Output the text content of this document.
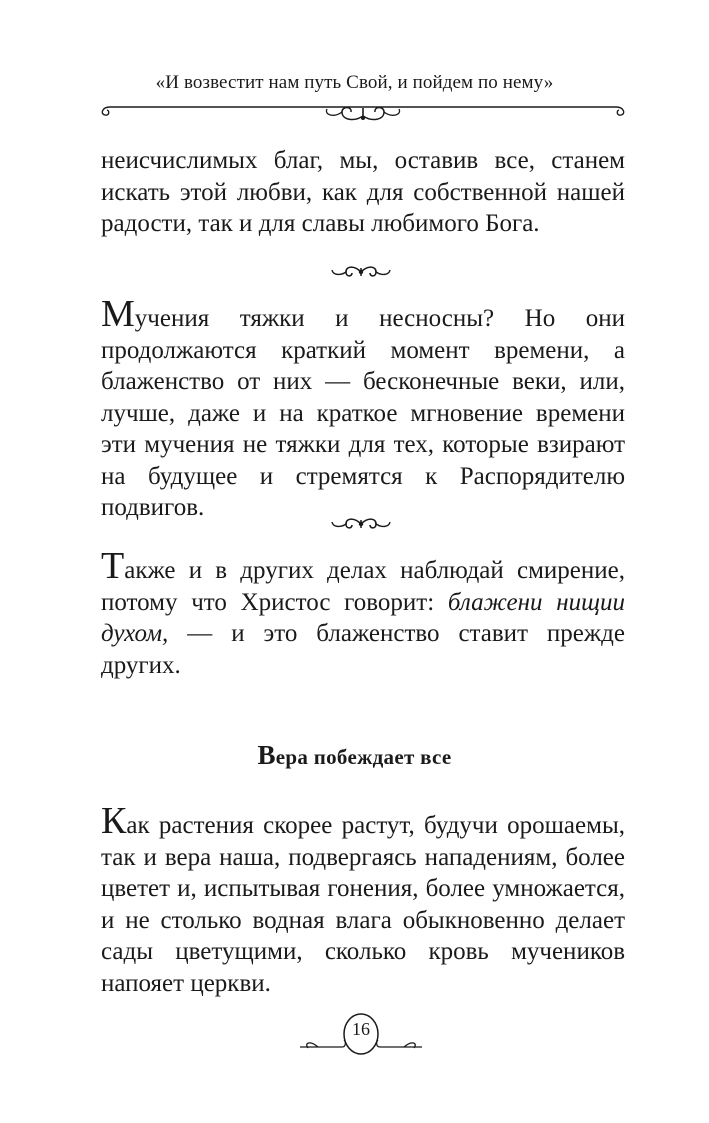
«И возвестит нам путь Свой, и пойдем по нему»

неисчислимых благ, мы, оставив все, станем искать этой любви, как для собственной нашей радости, так и для славы любимого Бога.

Мучения тяжки и несносны? Но они продолжаются краткий момент времени, а блаженство от них — бесконечные веки, или, лучше, даже и на краткое мгновение времени эти мучения не тяжки для тех, которые взирают на будущее и стремятся к Распорядителю подвигов.

Также и в других делах наблюдай смирение, потому что Христос говорит: блажени нищии духом, — и это блаженство ставит прежде других.

Вера побеждает все

Как растения скорее растут, будучи орошаемы, так и вера наша, подвергаясь нападениям, более цветет и, испытывая гонения, более умножается, и не столько водная влага обыкновенно делает сады цветущими, сколько кровь мучеников напояет церкви.

16
